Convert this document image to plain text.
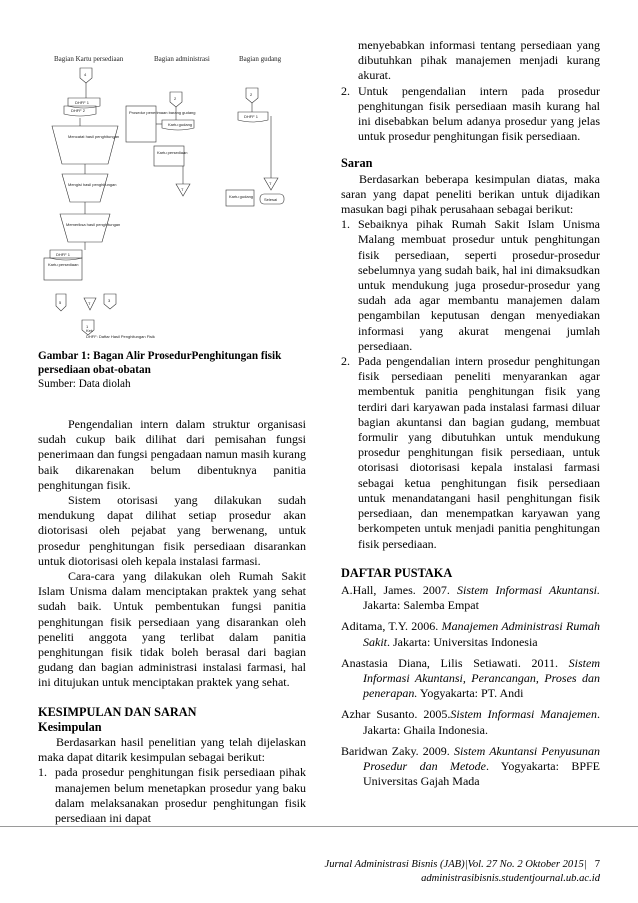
Bagian Kartu persediaan	Bagian administrasi	Bagian gudang
4
DHFF 1
DHFF 2
Mencatat hasil penghitungan
Mengisi hasil penghitungan
Memeriksa hasil penghitungan
DHFF 1
Kartu persediaan
5	T
3
1
2
Kartu gudang
Prosedur penerimaan barang gudang
Kartu persediaan
T
2
DHFF 1
T
Kartu gudang
Selesai
Ket:
DHFF: Daftar Hasil Penghitungan Fisik
Gambar 1: Bagan Alir ProsedurPenghitungan fisik persediaan obat-obatan
Sumber: Data diolah

Pengendalian intern dalam struktur organisasi sudah cukup baik dilihat dari pemisahan fungsi penerimaan dan fungsi pengadaan namun masih kurang baik dikarenakan belum dibentuknya panitia penghitungan fisik.

Sistem otorisasi yang dilakukan sudah mendukung dapat dilihat setiap prosedur akan diotorisasi oleh pejabat yang berwenang, untuk prosedur penghitungan fisik persediaan disarankan untuk diotorisasi oleh kepala instalasi farmasi.

Cara-cara yang dilakukan oleh Rumah Sakit Islam Unisma dalam menciptakan praktek yang sehat sudah baik. Untuk pembentukan fungsi panitia penghitungan fisik persediaan yang disarankan oleh peneliti anggota yang terlibat dalam panitia penghitungan fisik tidak boleh berasal dari bagian gudang dan bagian administrasi instalasi farmasi, hal ini ditujukan untuk menciptakan praktek yang sehat.

KESIMPULAN DAN SARAN

Kesimpulan

Berdasarkan hasil penelitian yang telah dijelaskan maka dapat ditarik kesimpulan sebagai berikut:

1. pada prosedur penghitungan fisik persediaan pihak manajemen belum menetapkan prosedur yang baku dalam melaksanakan prosedur penghitungan fisik persediaan ini dapat
menyebabkan informasi tentang persediaan yang dibutuhkan pihak manajemen menjadi kurang akurat.
2. Untuk pengendalian intern pada prosedur penghitungan fisik persediaan masih kurang hal ini disebabkan belum adanya prosedur yang jelas untuk prosedur penghitungan fisik persediaan.

Saran

Berdasarkan beberapa kesimpulan diatas, maka saran yang dapat peneliti berikan untuk dijadikan masukan bagi pihak perusahaan sebagai berikut:

1. Sebaiknya pihak Rumah Sakit Islam Unisma Malang membuat prosedur untuk penghitungan fisik persediaan, seperti prosedur-prosedur sebelumnya yang sudah baik, hal ini dimaksudkan untuk mendukung juga prosedur-prosedur yang sudah ada agar membantu manajemen dalam pengambilan keputusan dengan menyediakan informasi yang akurat mengenai jumlah persediaan.
2. Pada pengendalian intern prosedur penghitungan fisik persediaan peneliti menyarankan agar membentuk panitia penghitungan fisik yang terdiri dari karyawan pada instalasi farmasi diluar bagian akuntansi dan bagian gudang, membuat formulir yang dibutuhkan untuk mendukung prosedur penghitungan fisik persediaan, untuk otorisasi diotorisasi kepala instalasi farmasi sebagai ketua penghitungan fisik persediaan untuk menandatangani hasil penghitungan fisik persediaan, dan menempatkan karyawan yang berkompeten untuk menjadi panitia penghitungan fisik persediaan.

DAFTAR PUSTAKA

A.Hall, James. 2007. Sistem Informasi Akuntansi. Jakarta: Salemba Empat

Aditama, T.Y. 2006. Manajemen Administrasi Rumah Sakit. Jakarta: Universitas Indonesia

Anastasia Diana, Lilis Setiawati. 2011. Sistem Informasi Akuntansi, Perancangan, Proses dan penerapan. Yogyakarta: PT. Andi

Azhar Susanto. 2005.Sistem Informasi Manajemen. Jakarta: Ghaila Indonesia.

Baridwan Zaky. 2009. Sistem Akuntansi Penyusunan Prosedur dan Metode. Yogyakarta: BPFE Universitas Gajah Mada

Jurnal Administrasi Bisnis (JAB)|Vol. 27 No. 2 Oktober 2015| 7
administrasibisnis.studentjournal.ub.ac.id
